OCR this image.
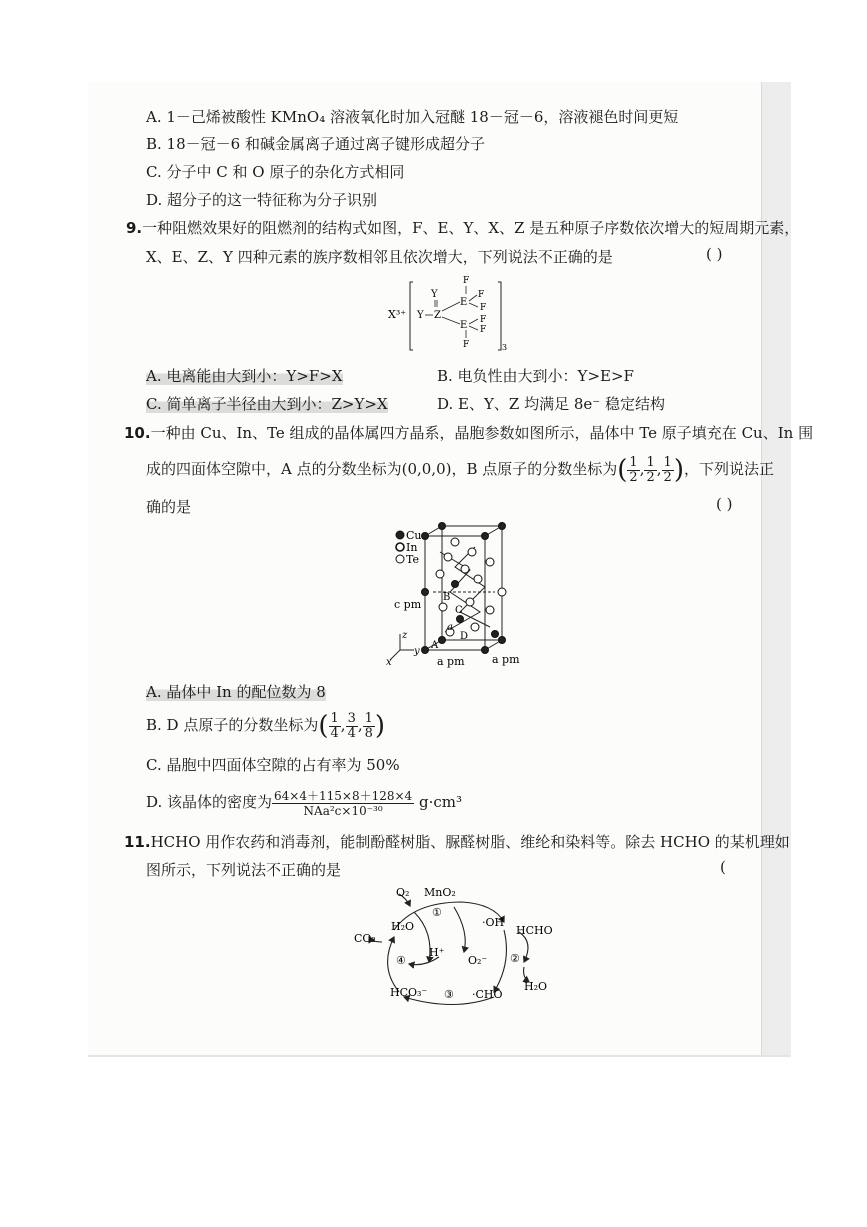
A. 1－己烯被酸性 KMnO₄ 溶液氧化时加入冠醚 18－冠－6，溶液褪色时间更短
B. 18－冠－6 和碱金属离子通过离子键形成超分子
C. 分子中 C 和 O 原子的杂化方式相同
D. 超分子的这一特征称为分子识别
9.一种阻燃效果好的阻燃剂的结构式如图，F、E、Y、X、Z 是五种原子序数依次增大的短周期元素，
X、E、Z、Y 四种元素的族序数相邻且依次增大，下列说法不正确的是	( )
X³⁺
3
Y
Y
Z
E
E
F
F
F
F
F
F
A. 电离能由大到小：Y>F>X	B. 电负性由大到小：Y>E>F
C. 简单离子半径由大到小：Z>Y>X	D. E、Y、Z 均满足 8e⁻ 稳定结构
10.一种由 Cu、In、Te 组成的晶体属四方晶系，晶胞参数如图所示，晶体中 Te 原子填充在 Cu、In 围
成的四面体空隙中，A 点的分数坐标为(0,0,0)，B 点原子的分数坐标为( $\frac{1}{2}$ , $\frac{1}{2}$ , $\frac{1}{2}$ )，下列说法正
确的是	( )
Cu
In
Te
B
C
D
A
a
c pm
a pm a pm
z
y
x
A. 晶体中 In 的配位数为 8
B. D 点原子的分数坐标为( $\frac{1}{4}$ , $\frac{3}{4}$ , $\frac{1}{8}$ )
C. 晶胞中四面体空隙的占有率为 50%
D. 该晶体的密度为 $\frac{64\times 4+115\times 8+128\times 4}{\text{NAa²c×10⁻³⁰}} g\cdot cm^3$
11.HCHO 用作农药和消毒剂，能制酚醛树脂、脲醛树脂、维纶和染料等。除去 HCHO 的某机理如
图所示，下列说法不正确的是	(
O₂ MnO₂
①
H₂O	·OH
CO₂
H⁺
HCHO
④	O₂⁻ ②
HCO₃⁻ ③ ·CHO
H₂O
